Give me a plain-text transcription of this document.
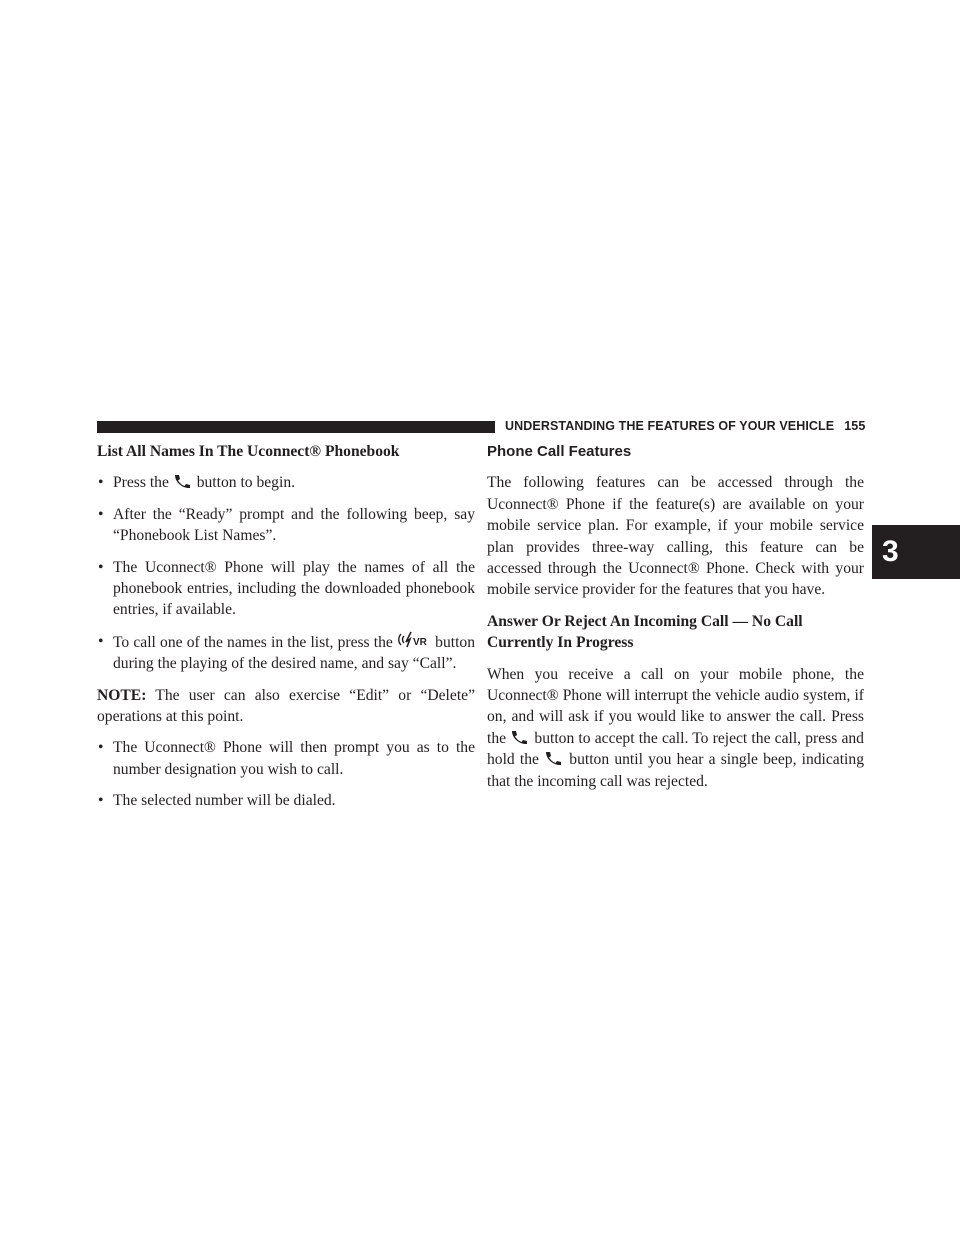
UNDERSTANDING THE FEATURES OF YOUR VEHICLE 155
3
List All Names In The Uconnect® Phonebook
• Press the button to begin.
• After the “Ready” prompt and the following beep, say “Phonebook List Names”.
• The Uconnect® Phone will play the names of all the phonebook entries, including the downloaded phonebook entries, if available.
• To call one of the names in the list, press the VR button during the playing of the desired name, and say “Call”.

NOTE: The user can also exercise “Edit” or “Delete” operations at this point.

• The Uconnect® Phone will then prompt you as to the number designation you wish to call.
• The selected number will be dialed.
Phone Call Features

The following features can be accessed through the Uconnect® Phone if the feature(s) are available on your mobile service plan. For example, if your mobile service plan provides three-way calling, this feature can be accessed through the Uconnect® Phone. Check with your mobile service provider for the features that you have.

Answer Or Reject An Incoming Call — No Call Currently In Progress

When you receive a call on your mobile phone, the Uconnect® Phone will interrupt the vehicle audio system, if on, and will ask if you would like to answer the call. Press the button to accept the call. To reject the call, press and hold the button until you hear a single beep, indicating that the incoming call was rejected.
